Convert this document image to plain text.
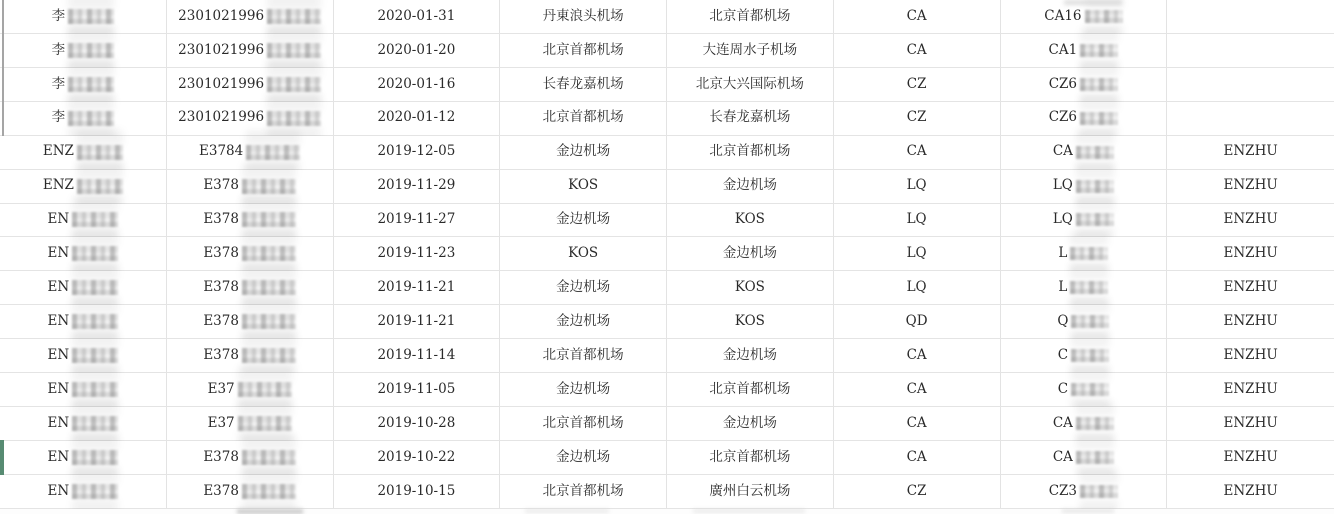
李	2301021996	2020-01-31	丹東浪头机场	北京首都机场	CA	CA16
李	2301021996	2020-01-20	北京首都机场	大连周水子机场	CA	CA1
李	2301021996	2020-01-16	长春龙嘉机场	北京大兴国际机场	CZ	CZ6
李	2301021996	2020-01-12	北京首都机场	长春龙嘉机场	CZ	CZ6
ENZ	E3784	2019-12-05	金边机场	北京首都机场	CA	CA	ENZHU
ENZ	E378	2019-11-29	KOS	金边机场	LQ	LQ	ENZHU
EN	E378	2019-11-27	金边机场	KOS	LQ	LQ	ENZHU
EN	E378	2019-11-23	KOS	金边机场	LQ	L	ENZHU
EN	E378	2019-11-21	金边机场	KOS	LQ	L	ENZHU
EN	E378	2019-11-21	金边机场	KOS	QD	Q	ENZHU
EN	E378	2019-11-14	北京首都机场	金边机场	CA	C	ENZHU
EN	E37	2019-11-05	金边机场	北京首都机场	CA	C	ENZHU
EN	E37	2019-10-28	北京首都机场	金边机场	CA	CA	ENZHU
EN	E378	2019-10-22	金边机场	北京首都机场	CA	CA	ENZHU
EN	E378	2019-10-15	北京首都机场	廣州白云机场	CZ	CZ3	ENZHU
